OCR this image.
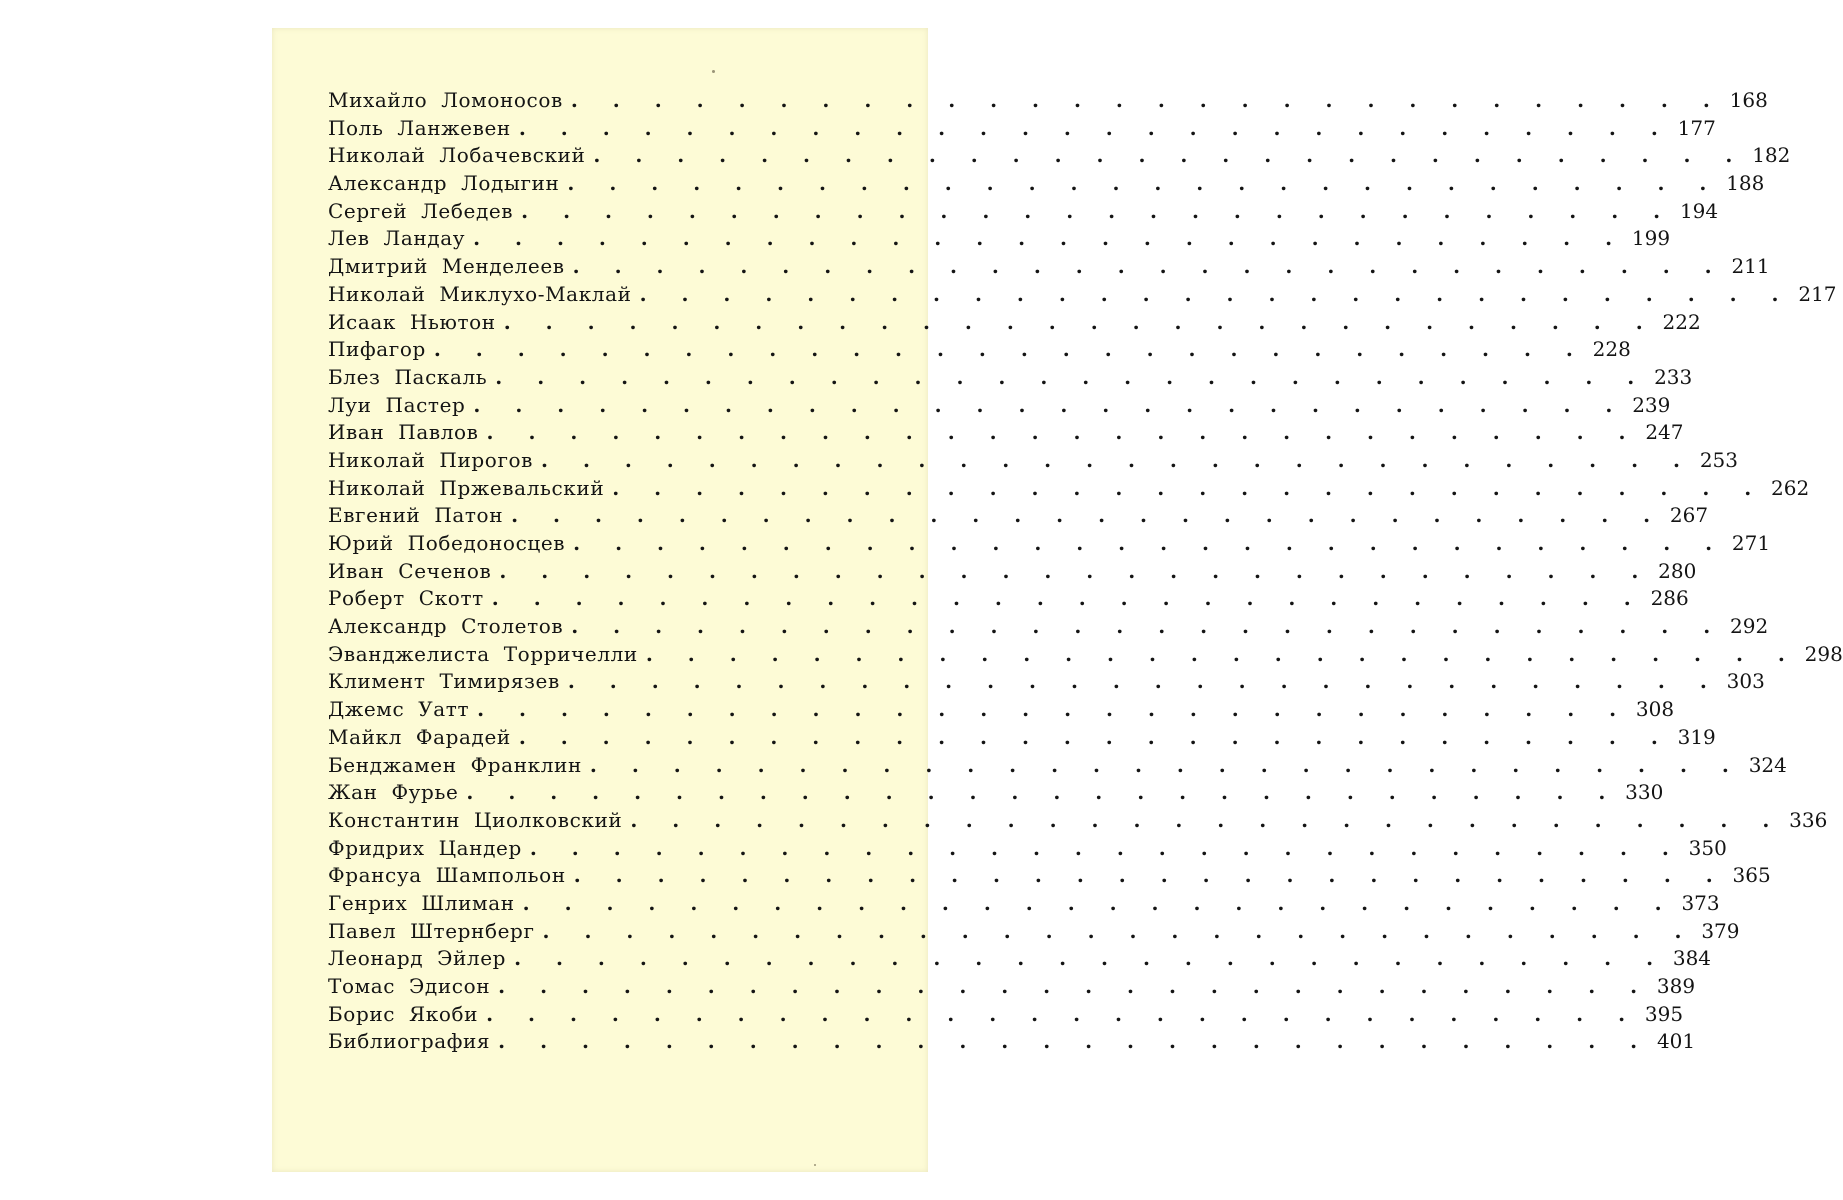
Михайло Ломоносов . . . . . . . . . . . . . . . . . . . . . . . . . . . . 168
Поль Ланжевен . . . . . . . . . . . . . . . . . . . . . . . . . . . . 177
Николай Лобачевский . . . . . . . . . . . . . . . . . . . . . . . . . . . . 182
Александр Лодыгин . . . . . . . . . . . . . . . . . . . . . . . . . . . . 188
Сергей Лебедев . . . . . . . . . . . . . . . . . . . . . . . . . . . . 194
Лев Ландау . . . . . . . . . . . . . . . . . . . . . . . . . . . . 199
Дмитрий Менделеев . . . . . . . . . . . . . . . . . . . . . . . . . . . . 211
Николай Миклухо-Маклай . . . . . . . . . . . . . . . . . . . . . . . . . . . . 217
Исаак Ньютон . . . . . . . . . . . . . . . . . . . . . . . . . . . . 222
Пифагор . . . . . . . . . . . . . . . . . . . . . . . . . . . . 228
Блез Паскаль . . . . . . . . . . . . . . . . . . . . . . . . . . . . 233
Луи Пастер . . . . . . . . . . . . . . . . . . . . . . . . . . . . 239
Иван Павлов . . . . . . . . . . . . . . . . . . . . . . . . . . . . 247
Николай Пирогов . . . . . . . . . . . . . . . . . . . . . . . . . . . . 253
Николай Пржевальский . . . . . . . . . . . . . . . . . . . . . . . . . . . . 262
Евгений Патон . . . . . . . . . . . . . . . . . . . . . . . . . . . . 267
Юрий Победоносцев . . . . . . . . . . . . . . . . . . . . . . . . . . . . 271
Иван Сеченов . . . . . . . . . . . . . . . . . . . . . . . . . . . . 280
Роберт Скотт . . . . . . . . . . . . . . . . . . . . . . . . . . . . 286
Александр Столетов . . . . . . . . . . . . . . . . . . . . . . . . . . . . 292
Эванджелиста Торричелли . . . . . . . . . . . . . . . . . . . . . . . . . . . . 298
Климент Тимирязев . . . . . . . . . . . . . . . . . . . . . . . . . . . . 303
Джемс Уатт . . . . . . . . . . . . . . . . . . . . . . . . . . . . 308
Майкл Фарадей . . . . . . . . . . . . . . . . . . . . . . . . . . . . 319
Бенджамен Франклин . . . . . . . . . . . . . . . . . . . . . . . . . . . . 324
Жан Фурье . . . . . . . . . . . . . . . . . . . . . . . . . . . . 330
Константин Циолковский . . . . . . . . . . . . . . . . . . . . . . . . . . . . 336
Фридрих Цандер . . . . . . . . . . . . . . . . . . . . . . . . . . . . 350
Франсуа Шампольон . . . . . . . . . . . . . . . . . . . . . . . . . . . . 365
Генрих Шлиман . . . . . . . . . . . . . . . . . . . . . . . . . . . . 373
Павел Штернберг . . . . . . . . . . . . . . . . . . . . . . . . . . . . 379
Леонард Эйлер . . . . . . . . . . . . . . . . . . . . . . . . . . . . 384
Томас Эдисон . . . . . . . . . . . . . . . . . . . . . . . . . . . . 389
Борис Якоби . . . . . . . . . . . . . . . . . . . . . . . . . . . . 395
Библиография . . . . . . . . . . . . . . . . . . . . . . . . . . . . 401
